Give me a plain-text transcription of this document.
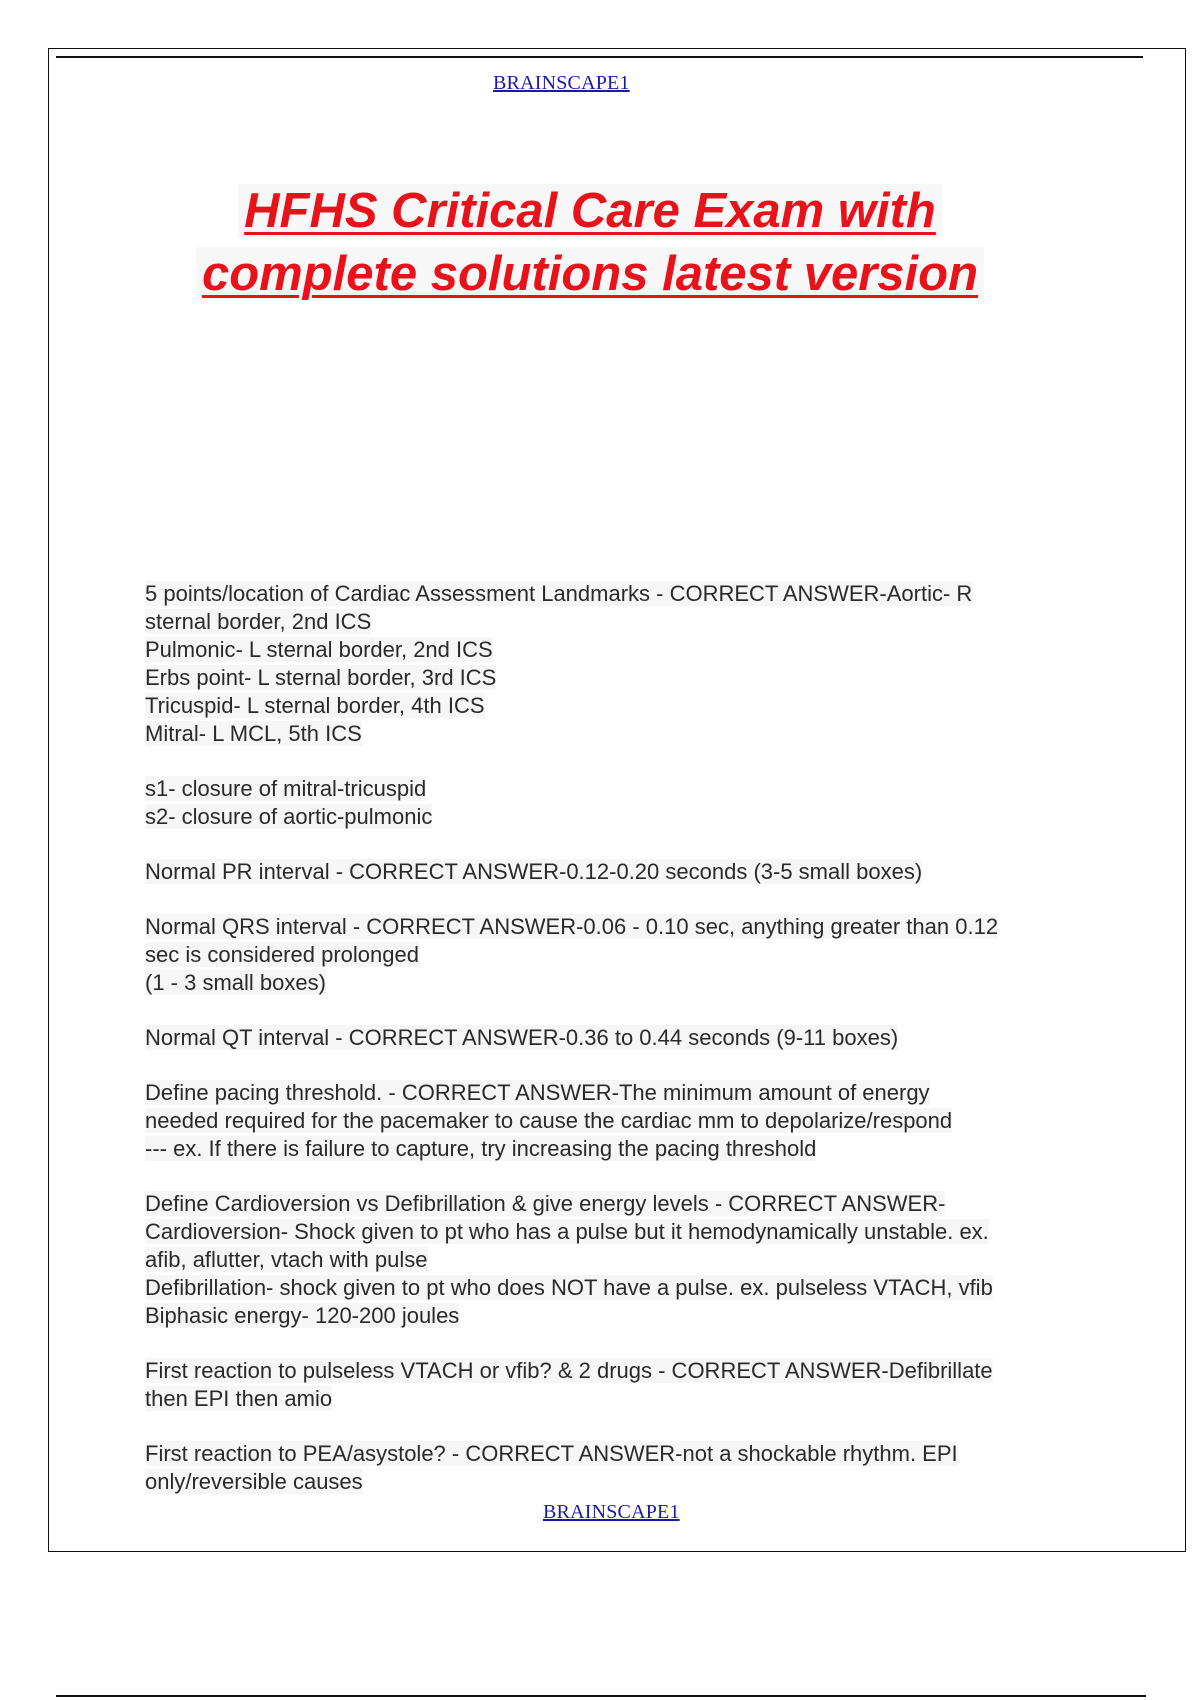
BRAINSCAPE1
HFHS Critical Care Exam with
complete solutions latest version
5 points/location of Cardiac Assessment Landmarks - CORRECT ANSWER-Aortic- R
sternal border, 2nd ICS
Pulmonic- L sternal border, 2nd ICS
Erbs point- L sternal border, 3rd ICS
Tricuspid- L sternal border, 4th ICS
Mitral- L MCL, 5th ICS
s1- closure of mitral-tricuspid
s2- closure of aortic-pulmonic
Normal PR interval - CORRECT ANSWER-0.12-0.20 seconds (3-5 small boxes)
Normal QRS interval - CORRECT ANSWER-0.06 - 0.10 sec, anything greater than 0.12
sec is considered prolonged
(1 - 3 small boxes)
Normal QT interval - CORRECT ANSWER-0.36 to 0.44 seconds (9-11 boxes)
Define pacing threshold. - CORRECT ANSWER-The minimum amount of energy
needed required for the pacemaker to cause the cardiac mm to depolarize/respond
--- ex. If there is failure to capture, try increasing the pacing threshold
Define Cardioversion vs Defibrillation & give energy levels - CORRECT ANSWER-
Cardioversion- Shock given to pt who has a pulse but it hemodynamically unstable. ex.
afib, aflutter, vtach with pulse
Defibrillation- shock given to pt who does NOT have a pulse. ex. pulseless VTACH, vfib
Biphasic energy- 120-200 joules
First reaction to pulseless VTACH or vfib? & 2 drugs - CORRECT ANSWER-Defibrillate
then EPI then amio
First reaction to PEA/asystole? - CORRECT ANSWER-not a shockable rhythm. EPI
only/reversible causes
BRAINSCAPE1
